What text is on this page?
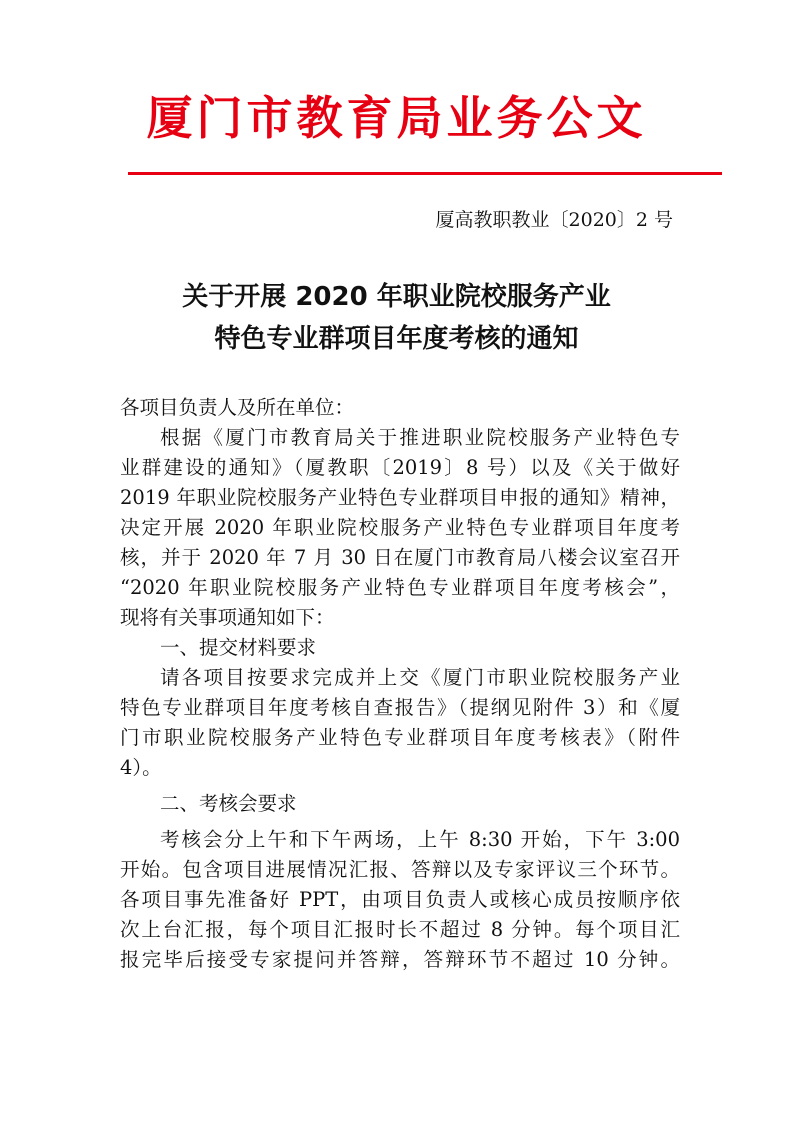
厦门市教育局业务公文
厦高教职教业〔2020〕2 号
关于开展 2020 年职业院校服务产业
特色专业群项目年度考核的通知
各项目负责人及所在单位：
根据《厦门市教育局关于推进职业院校服务产业特色专
业群建设的通知》（厦教职〔2019〕8 号）以及《关于做好
2019 年职业院校服务产业特色专业群项目申报的通知》精神，
决定开展 2020 年职业院校服务产业特色专业群项目年度考
核，并于 2020 年 7 月 30 日在厦门市教育局八楼会议室召开
“2020 年职业院校服务产业特色专业群项目年度考核会”，
现将有关事项通知如下：
一、提交材料要求
请各项目按要求完成并上交《厦门市职业院校服务产业
特色专业群项目年度考核自查报告》（提纲见附件 3）和《厦
门市职业院校服务产业特色专业群项目年度考核表》（附件
4）。
二、考核会要求
考核会分上午和下午两场，上午 8:30 开始，下午 3:00
开始。包含项目进展情况汇报、答辩以及专家评议三个环节。
各项目事先准备好 PPT，由项目负责人或核心成员按顺序依
次上台汇报，每个项目汇报时长不超过 8 分钟。每个项目汇
报完毕后接受专家提问并答辩，答辩环节不超过 10 分钟。
